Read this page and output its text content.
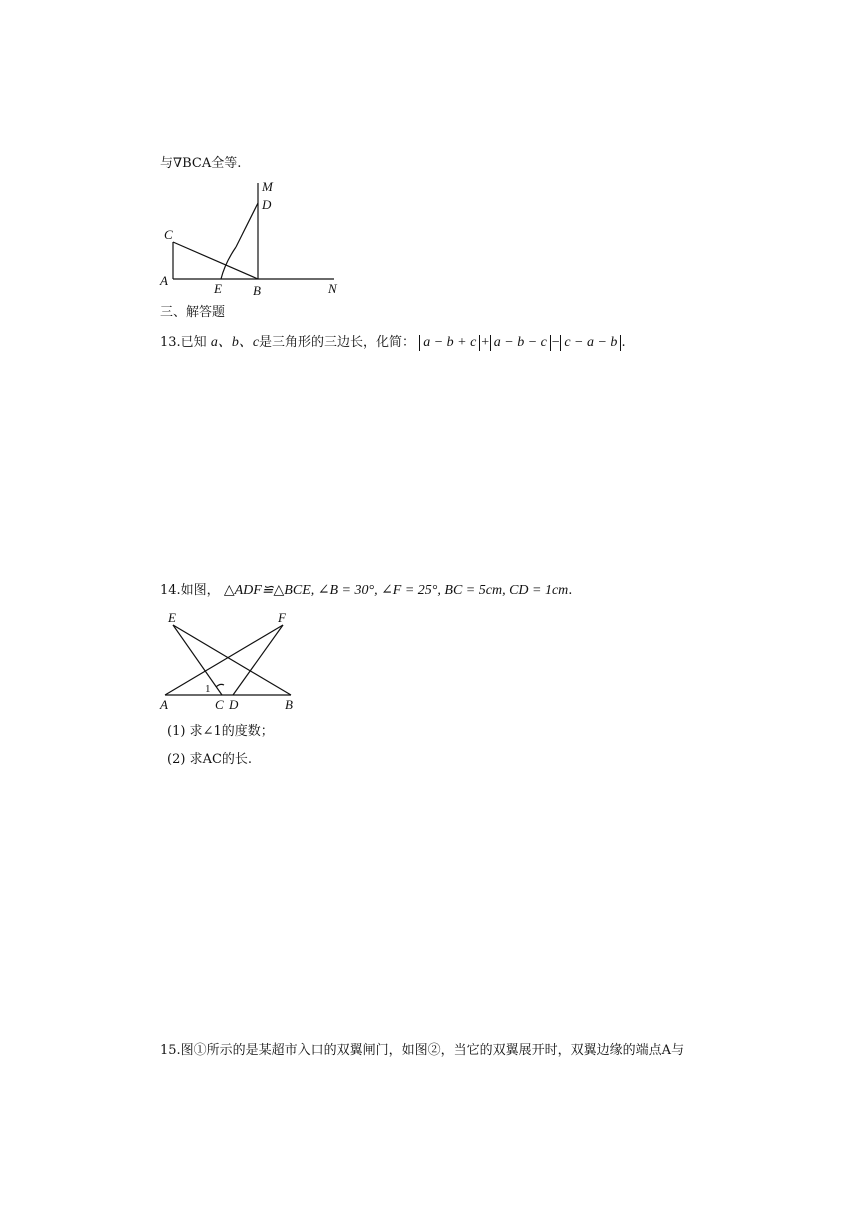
与∇BCA全等.
M
D
C
A
E B	N
三、解答题
13.已知 a、b、c是三角形的三边长，化简： a − b + c + a − b − c − c − a − b .
14.如图， △ADF≌△BCE, ∠B = 30°, ∠F = 25°, BC = 5cm, CD = 1cm.
E	F
A	C D	B
1
(1) 求∠1的度数；
(2) 求AC的长.
15.图①所示的是某超市入口的双翼闸门，如图②，当它的双翼展开时，双翼边缘的端点A与
